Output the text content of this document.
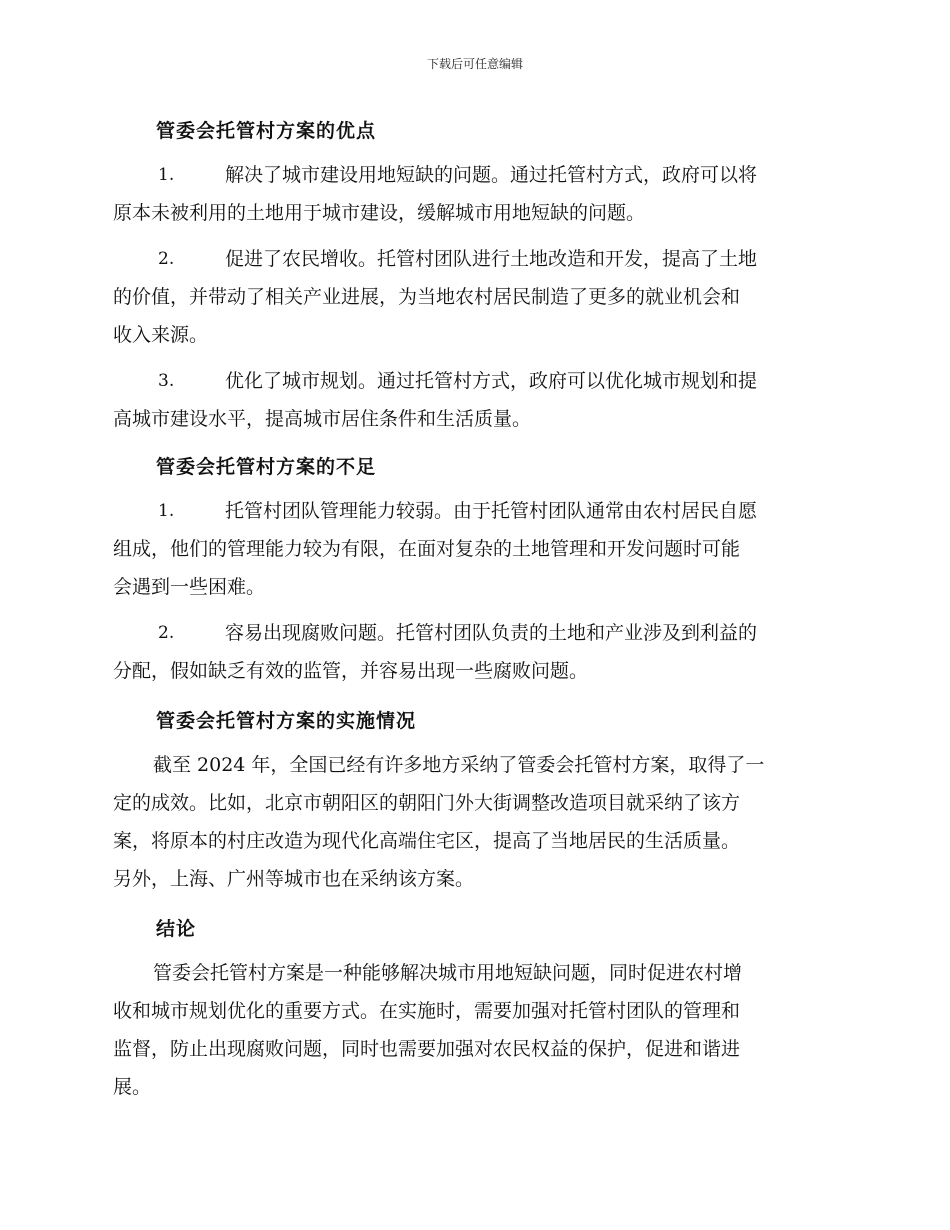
下载后可任意编辑
管委会托管村方案的优点
1.	解决了城市建设用地短缺的问题。通过托管村方式，政府可以将
原本未被利用的土地用于城市建设，缓解城市用地短缺的问题。
2.	促进了农民增收。托管村团队进行土地改造和开发，提高了土地
的价值，并带动了相关产业进展，为当地农村居民制造了更多的就业机会和
收入来源。
3.	优化了城市规划。通过托管村方式，政府可以优化城市规划和提
高城市建设水平，提高城市居住条件和生活质量。
管委会托管村方案的不足
1.	托管村团队管理能力较弱。由于托管村团队通常由农村居民自愿
组成，他们的管理能力较为有限，在面对复杂的土地管理和开发问题时可能
会遇到一些困难。
2.	容易出现腐败问题。托管村团队负责的土地和产业涉及到利益的
分配，假如缺乏有效的监管，并容易出现一些腐败问题。
管委会托管村方案的实施情况
截至 2024 年，全国已经有许多地方采纳了管委会托管村方案，取得了一
定的成效。比如，北京市朝阳区的朝阳门外大街调整改造项目就采纳了该方
案，将原本的村庄改造为现代化高端住宅区，提高了当地居民的生活质量。
另外，上海、广州等城市也在采纳该方案。
结论
管委会托管村方案是一种能够解决城市用地短缺问题，同时促进农村增
收和城市规划优化的重要方式。在实施时，需要加强对托管村团队的管理和
监督，防止出现腐败问题，同时也需要加强对农民权益的保护，促进和谐进
展。
